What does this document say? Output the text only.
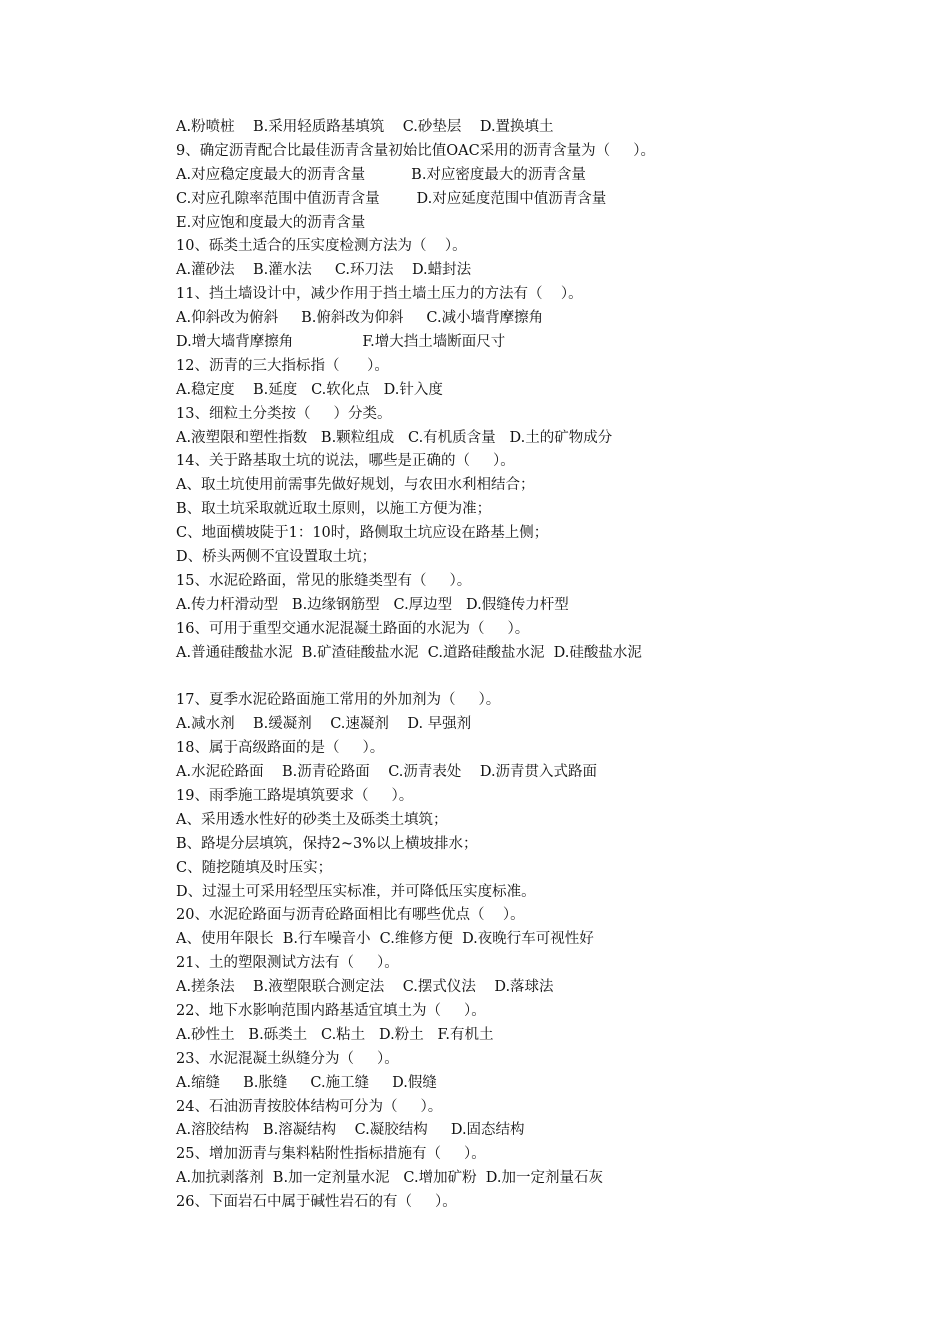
A.粉喷桩    B.采用轻质路基填筑    C.砂垫层    D.置换填土
9、确定沥青配合比最佳沥青含量初始比值OAC采用的沥青含量为（     ）。
A.对应稳定度最大的沥青含量          B.对应密度最大的沥青含量
C.对应孔隙率范围中值沥青含量        D.对应延度范围中值沥青含量
E.对应饱和度最大的沥青含量
10、砾类土适合的压实度检测方法为（    ）。
A.灌砂法    B.灌水法     C.环刀法    D.蜡封法
11、挡土墙设计中，减少作用于挡土墙土压力的方法有（    ）。
A.仰斜改为俯斜     B.俯斜改为仰斜     C.减小墙背摩擦角
D.增大墙背摩擦角               F.增大挡土墙断面尺寸
12、沥青的三大指标指（      ）。
A.稳定度    B.延度   C.软化点   D.针入度
13、细粒土分类按（     ）分类。
A.液塑限和塑性指数   B.颗粒组成   C.有机质含量   D.土的矿物成分
14、关于路基取土坑的说法，哪些是正确的（     ）。
A、取土坑使用前需事先做好规划，与农田水利相结合；
B、取土坑采取就近取土原则，以施工方便为准；
C、地面横坡陡于1：10时，路侧取土坑应设在路基上侧；
D、桥头两侧不宜设置取土坑；
15、水泥砼路面，常见的胀缝类型有（     ）。
A.传力杆滑动型   B.边缘钢筋型   C.厚边型   D.假缝传力杆型
16、可用于重型交通水泥混凝土路面的水泥为（     ）。
A.普通硅酸盐水泥  B.矿渣硅酸盐水泥  C.道路硅酸盐水泥  D.硅酸盐水泥
17、夏季水泥砼路面施工常用的外加剂为（     ）。
A.减水剂    B.缓凝剂    C.速凝剂    D. 早强剂
18、属于高级路面的是（     ）。
A.水泥砼路面    B.沥青砼路面    C.沥青表处    D.沥青贯入式路面
19、雨季施工路堤填筑要求（     ）。
A、采用透水性好的砂类土及砾类土填筑；
B、路堤分层填筑，保持2~3%以上横坡排水；
C、随挖随填及时压实；
D、过湿土可采用轻型压实标准，并可降低压实度标准。
20、水泥砼路面与沥青砼路面相比有哪些优点（    ）。
A、使用年限长  B.行车噪音小  C.维修方便  D.夜晚行车可视性好
21、土的塑限测试方法有（     ）。
A.搓条法    B.液塑限联合测定法    C.摆式仪法    D.落球法
22、地下水影响范围内路基适宜填土为（     ）。
A.砂性土   B.砾类土   C.粘土   D.粉土   F.有机土
23、水泥混凝土纵缝分为（     ）。
A.缩缝     B.胀缝     C.施工缝     D.假缝
24、石油沥青按胶体结构可分为（     ）。
A.溶胶结构   B.溶凝结构    C.凝胶结构     D.固态结构
25、增加沥青与集料粘附性指标措施有（     ）。
A.加抗剥落剂  B.加一定剂量水泥   C.增加矿粉  D.加一定剂量石灰
26、下面岩石中属于碱性岩石的有（     ）。
